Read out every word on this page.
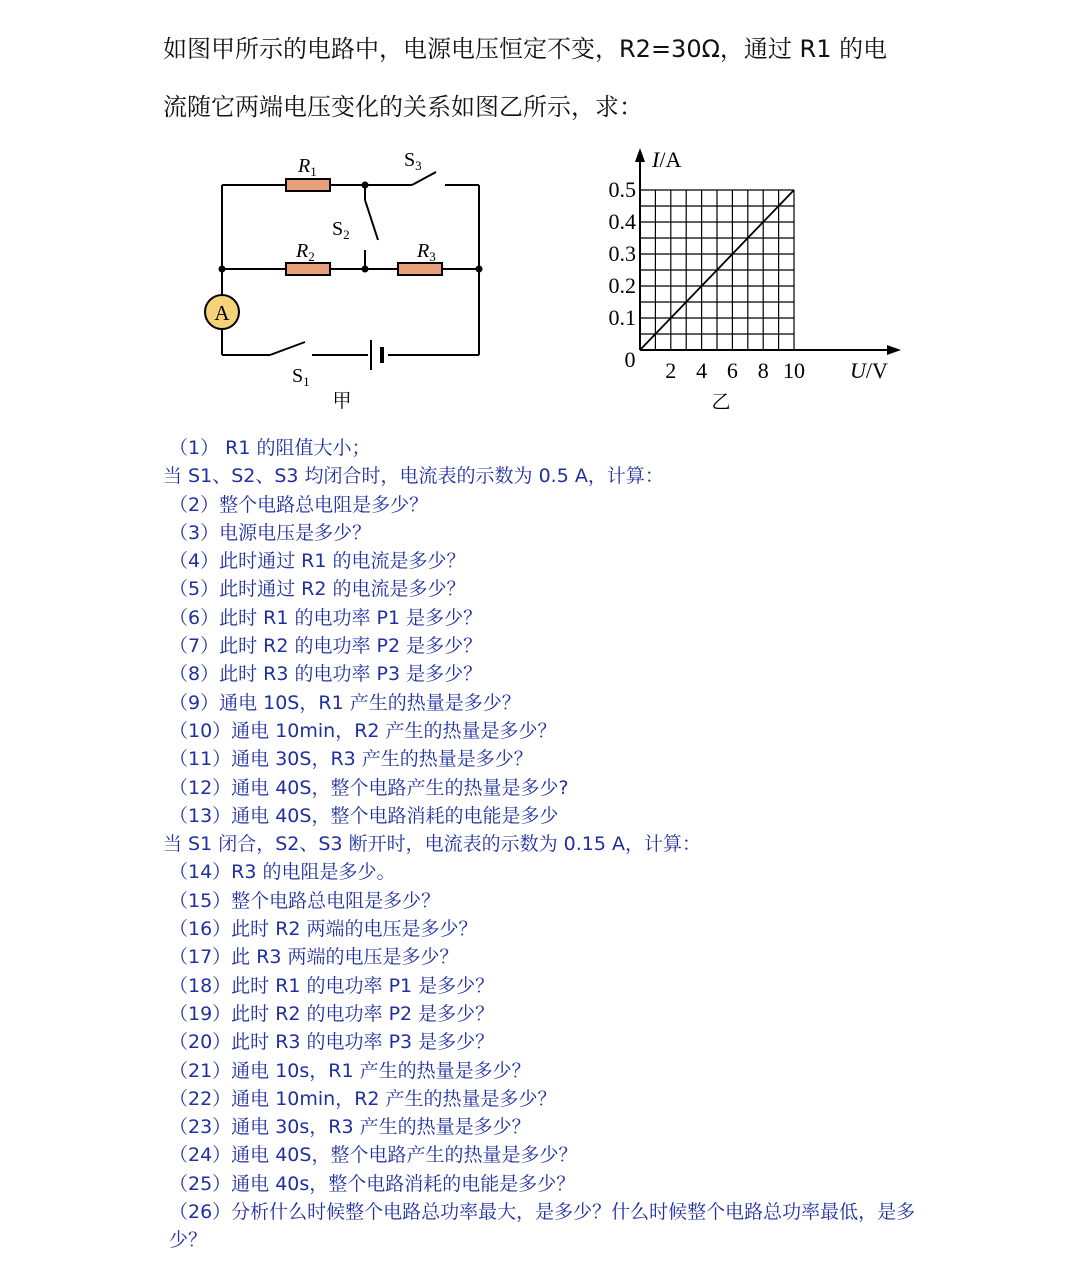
如图甲所示的电路中，电源电压恒定不变，R2=30Ω，通过 R1 的电
流随它两端电压变化的关系如图乙所示，求：
A
$R_1$
$R_2$	$R_3$
$S_3$
$S_2$
$S_1$
甲
2 4 6 8 10
0.1
0.2
0.3
0.4
0.5
I/A
U/V
0
乙
（1） R1 的阻值大小；
当 S1、S2、S3 均闭合时，电流表的示数为 0.5 A，计算：
（2）整个电路总电阻是多少？
（3）电源电压是多少？
（4）此时通过 R1 的电流是多少？
（5）此时通过 R2 的电流是多少？
（6）此时 R1 的电功率 P1 是多少？
（7）此时 R2 的电功率 P2 是多少？
（8）此时 R3 的电功率 P3 是多少？
（9）通电 10S，R1 产生的热量是多少？
（10）通电 10min，R2 产生的热量是多少？
（11）通电 30S，R3 产生的热量是多少？
（12）通电 40S，整个电路产生的热量是多少?
（13）通电 40S，整个电路消耗的电能是多少
当 S1 闭合，S2、S3 断开时，电流表的示数为 0.15 A，计算：
（14）R3 的电阻是多少。
（15）整个电路总电阻是多少？
（16）此时 R2 两端的电压是多少？
（17）此 R3 两端的电压是多少？
（18）此时 R1 的电功率 P1 是多少？
（19）此时 R2 的电功率 P2 是多少？
（20）此时 R3 的电功率 P3 是多少？
（21）通电 10s，R1 产生的热量是多少？
（22）通电 10min，R2 产生的热量是多少？
（23）通电 30s，R3 产生的热量是多少？
（24）通电 40S，整个电路产生的热量是多少？
（25）通电 40s，整个电路消耗的电能是多少？
（26）分析什么时候整个电路总功率最大，是多少？什么时候整个电路总功率最低，是多少？
